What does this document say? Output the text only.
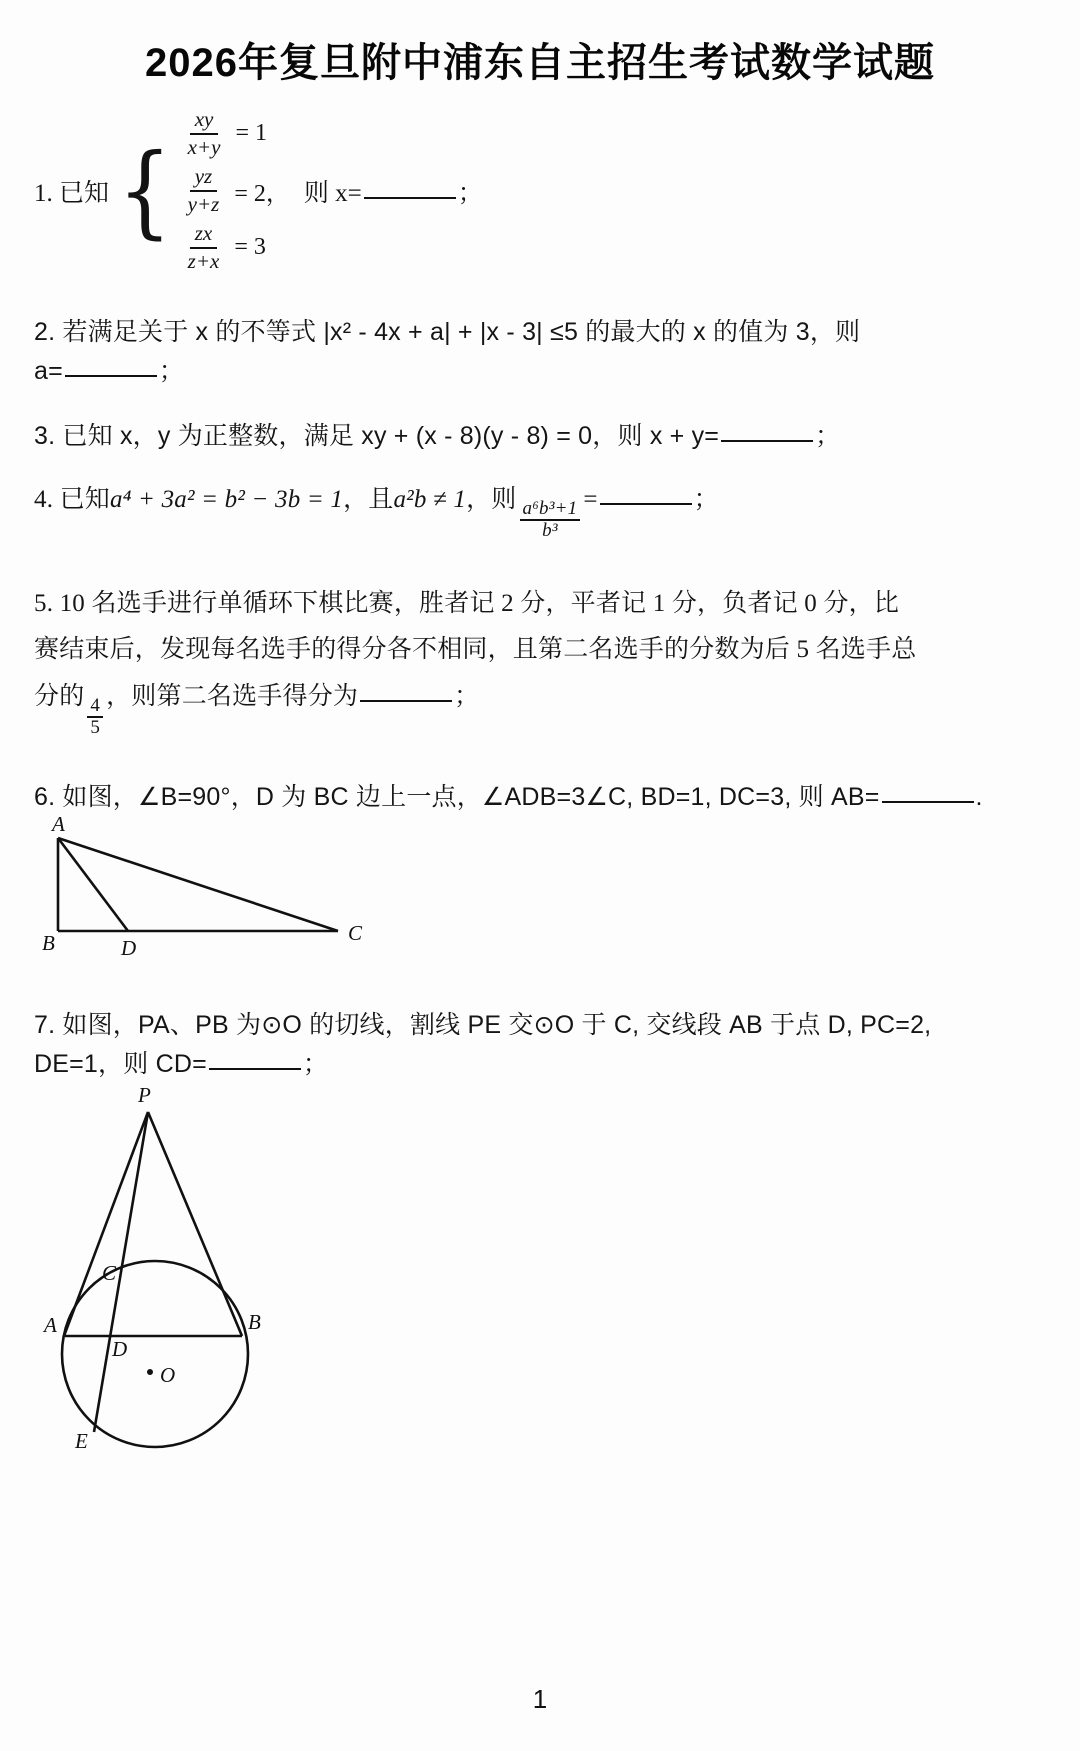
2026年复旦附中浦东自主招生考试数学试题
1. 已知 { $\frac{xy}{x+y} = 1$
$\frac{yz}{y+z} = 2$，
$\frac{zx}{z+x} = 3$
则 x=	；
2. 若满足关于 x 的不等式 |x² - 4x + a| + |x - 3| ≤5 的最大的 x 的值为 3，则
a=	；
3. 已知 x，y 为正整数，满足 xy + (x - 8)(y - 8) = 0，则 x + y=	；
4. 已知a⁴ + 3a² = b² − 3b = 1，且a²b ≠ 1，则 $\frac{\text{a⁶b³+1}}{\text{b³}}$ =	；
5. 10 名选手进行单循环下棋比赛，胜者记 2 分，平者记 1 分，负者记 0 分，比
赛结束后，发现每名选手的得分各不相同，且第二名选手的分数为后 5 名选手总
分的 $\frac{4}{5}$ ，则第二名选手得分为	；
6. 如图，∠B=90°，D 为 BC 边上一点，∠ADB=3∠C, BD=1, DC=3, 则 AB=	.
A
B	D
C
7. 如图，PA、PB 为⊙O 的切线，割线 PE 交⊙O 于 C, 交线段 AB 于点 D, PC=2,
DE=1，则 CD=	；
O
P
A	B
C
D
E
1
